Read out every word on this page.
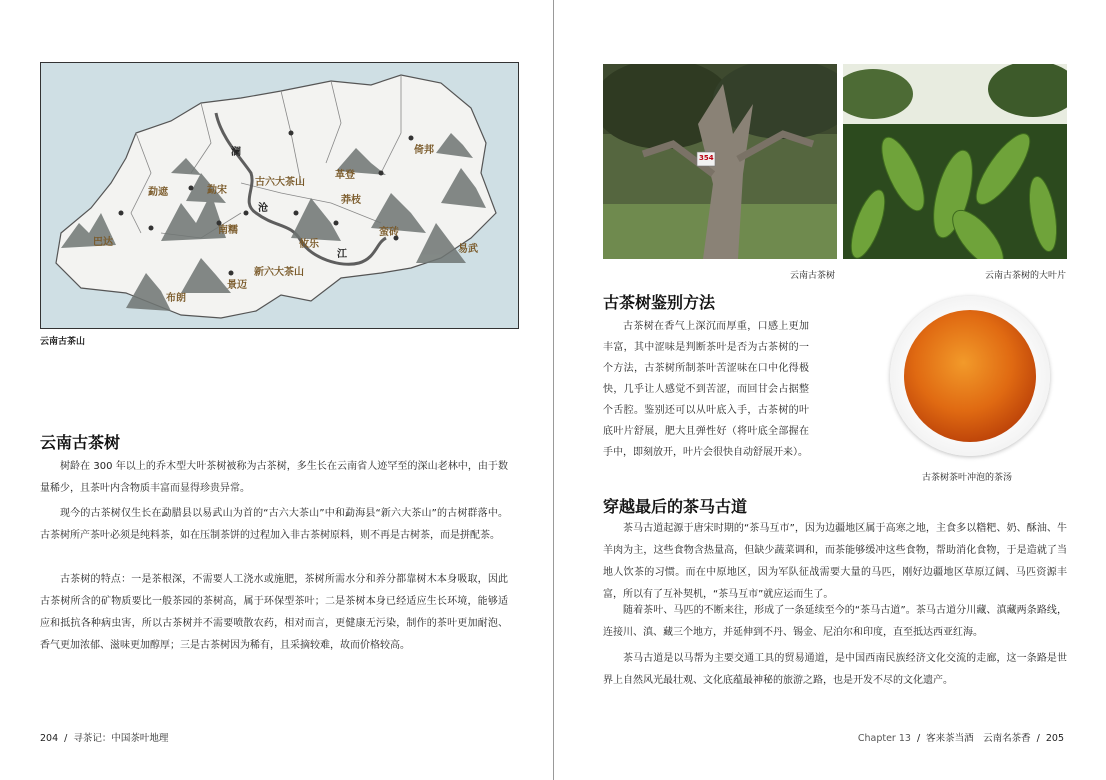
巴达
勐遮	勐宋
南糯
布朗
景迈
攸乐
革登
莽枝
倚邦
蛮砖
易武
古六大茶山
新六大茶山
澜
沧
江
云南古茶山
云南古茶树

树龄在 300 年以上的乔木型大叶茶树被称为古茶树，多生长在云南省人迹罕至的深山老林中，由于数量稀少，且茶叶内含物质丰富而显得珍贵异常。

现今的古茶树仅生长在勐腊县以易武山为首的“古六大茶山”中和勐海县“新六大茶山”的古树群落中。古茶树所产茶叶必须是纯料茶，如在压制茶饼的过程加入非古茶树原料，则不再是古树茶，而是拼配茶。

古茶树的特点：一是茶根深，不需要人工浇水或施肥，茶树所需水分和养分都靠树木本身吸取，因此古茶树所含的矿物质要比一般茶园的茶树高，属于环保型茶叶；二是茶树本身已经适应生长环境，能够适应和抵抗各种病虫害，所以古茶树并不需要喷散农药，相对而言，更健康无污染，制作的茶叶更加耐泡、香气更加浓郁、滋味更加醇厚；三是古茶树因为稀有，且采摘较难，故而价格较高。

204 / 寻茶记：中国茶叶地理
354
云南古茶树	云南古茶树的大叶片
古茶树鉴别方法

古茶树在香气上深沉而厚重，口感上更加丰富，其中涩味是判断茶叶是否为古茶树的一个方法，古茶树所制茶叶苦涩味在口中化得极快，几乎让人感觉不到苦涩，而回甘会占据整个舌腔。鉴别还可以从叶底入手，古茶树的叶底叶片舒展，肥大且弹性好（将叶底全部握在手中，即刻放开，叶片会很快自动舒展开来）。

古茶树茶叶冲泡的茶汤
穿越最后的茶马古道

茶马古道起源于唐宋时期的“茶马互市”，因为边疆地区属于高寒之地，主食多以糌粑、奶、酥油、牛羊肉为主，这些食物含热量高，但缺少蔬菜调和，而茶能够缓冲这些食物，帮助消化食物，于是造就了当地人饮茶的习惯。而在中原地区，因为军队征战需要大量的马匹，刚好边疆地区草原辽阔、马匹资源丰富，所以有了互补契机，“茶马互市”就应运而生了。

随着茶叶、马匹的不断来往，形成了一条延续至今的“茶马古道”。茶马古道分川藏、滇藏两条路线，连接川、滇、藏三个地方，并延伸到不丹、锡金、尼泊尔和印度，直至抵达西亚红海。

茶马古道是以马帮为主要交通工具的贸易通道，是中国西南民族经济文化交流的走廊，这一条路是世界上自然风光最壮观、文化底蕴最神秘的旅游之路，也是开发不尽的文化遗产。

Chapter 13 / 客来茶当酒　云南名茶香 / 205
